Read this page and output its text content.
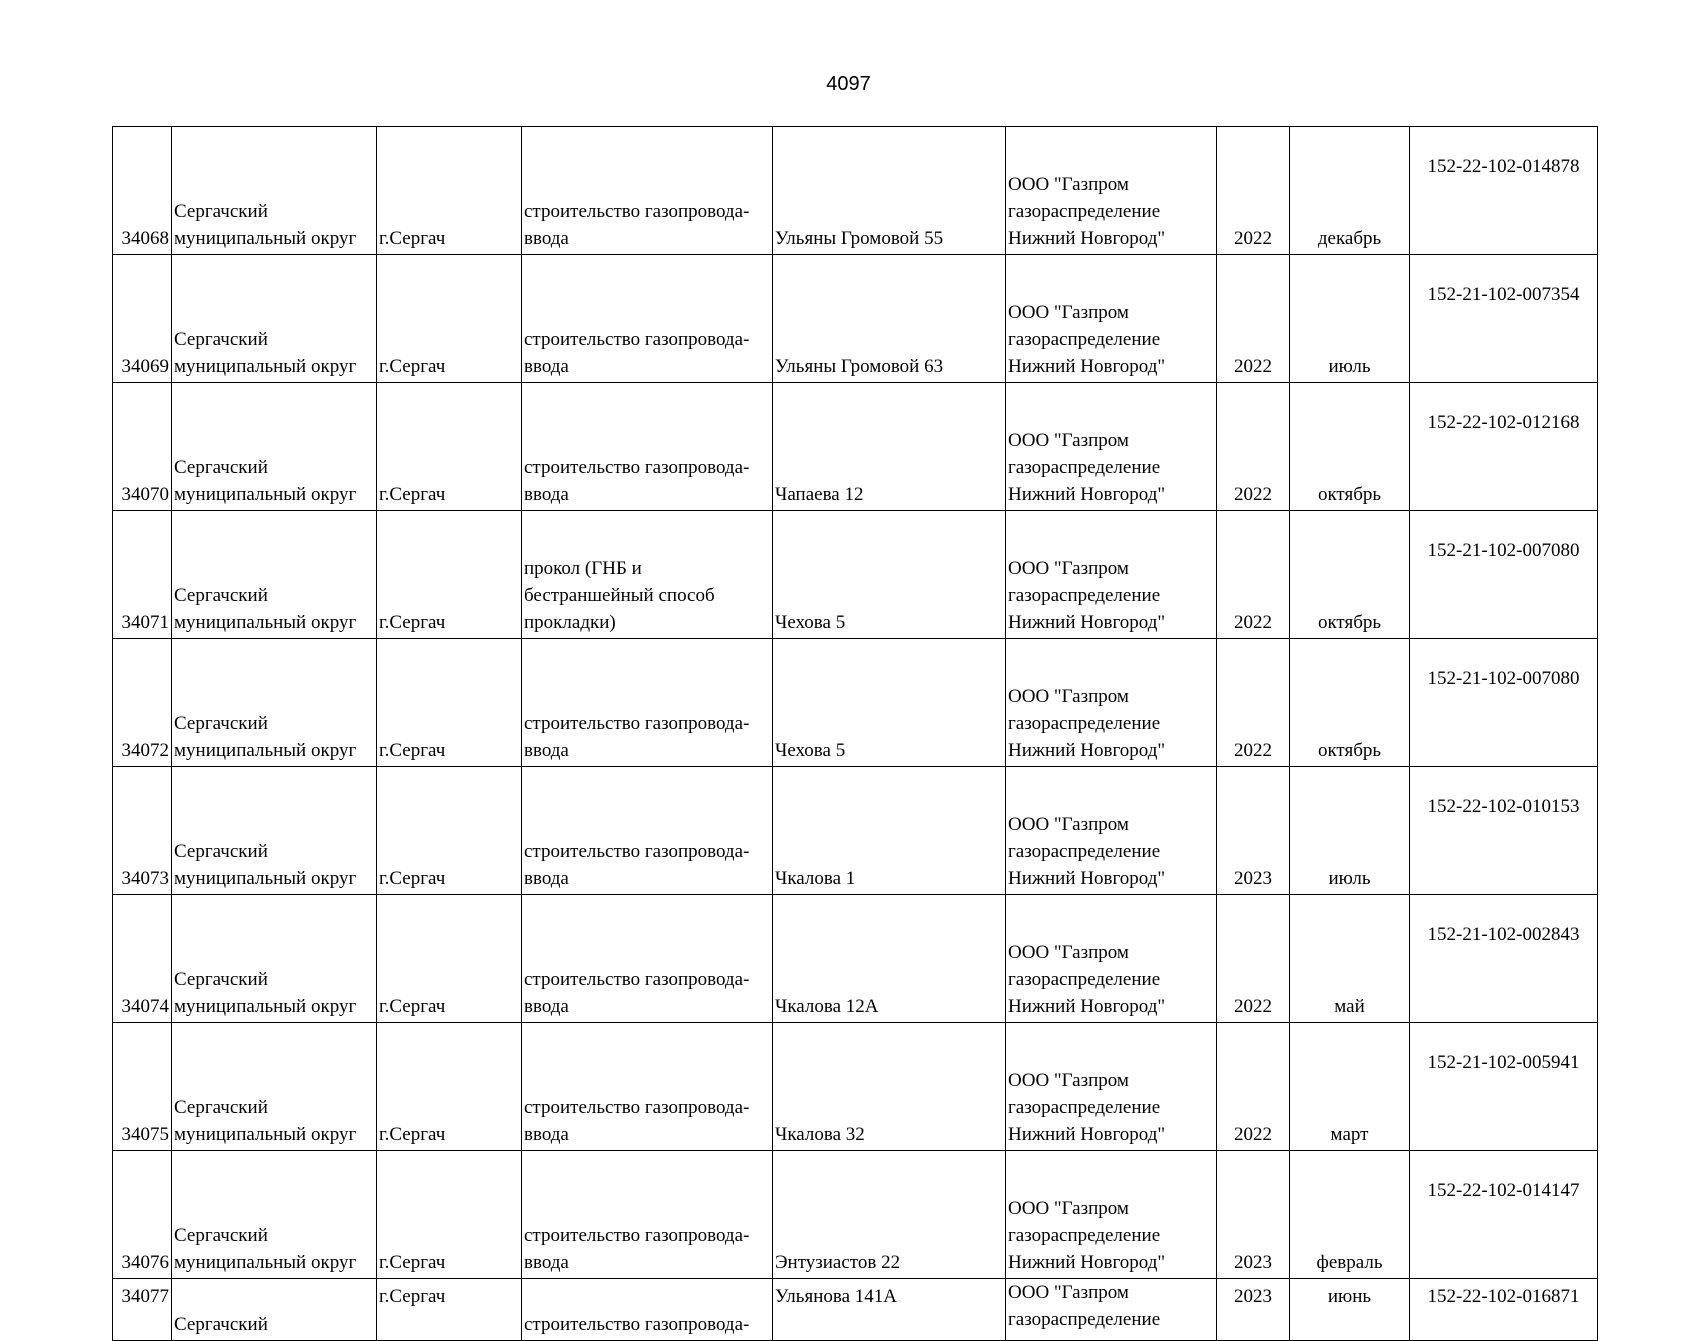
4097
34068	Сергачский
муниципальный округ	г.Сергач	строительство газопровода-
ввода	Ульяны Громовой 55	ООО "Газпром
газораспределение
Нижний Новгород"	2022	декабрь	152-22-102-014878
34069	Сергачский
муниципальный округ	г.Сергач	строительство газопровода-
ввода	Ульяны Громовой 63	ООО "Газпром
газораспределение
Нижний Новгород"	2022	июль	152-21-102-007354
34070	Сергачский
муниципальный округ	г.Сергач	строительство газопровода-
ввода	Чапаева 12	ООО "Газпром
газораспределение
Нижний Новгород"	2022	октябрь	152-22-102-012168
34071	Сергачский
муниципальный округ	г.Сергач	прокол (ГНБ и
бестраншейный способ
прокладки)	Чехова 5	ООО "Газпром
газораспределение
Нижний Новгород"	2022	октябрь	152-21-102-007080
34072	Сергачский
муниципальный округ	г.Сергач	строительство газопровода-
ввода	Чехова 5	ООО "Газпром
газораспределение
Нижний Новгород"	2022	октябрь	152-21-102-007080
34073	Сергачский
муниципальный округ	г.Сергач	строительство газопровода-
ввода	Чкалова 1	ООО "Газпром
газораспределение
Нижний Новгород"	2023	июль	152-22-102-010153
34074	Сергачский
муниципальный округ	г.Сергач	строительство газопровода-
ввода	Чкалова 12А	ООО "Газпром
газораспределение
Нижний Новгород"	2022	май	152-21-102-002843
34075	Сергачский
муниципальный округ	г.Сергач	строительство газопровода-
ввода	Чкалова 32	ООО "Газпром
газораспределение
Нижний Новгород"	2022	март	152-21-102-005941
34076	Сергачский
муниципальный округ	г.Сергач	строительство газопровода-
ввода	Энтузиастов 22	ООО "Газпром
газораспределение
Нижний Новгород"	2023	февраль	152-22-102-014147
34077	Сергачский	г.Сергач	строительство газопровода-	Ульянова 141А	ООО "Газпром
газораспределение	2023	июнь	152-22-102-016871
